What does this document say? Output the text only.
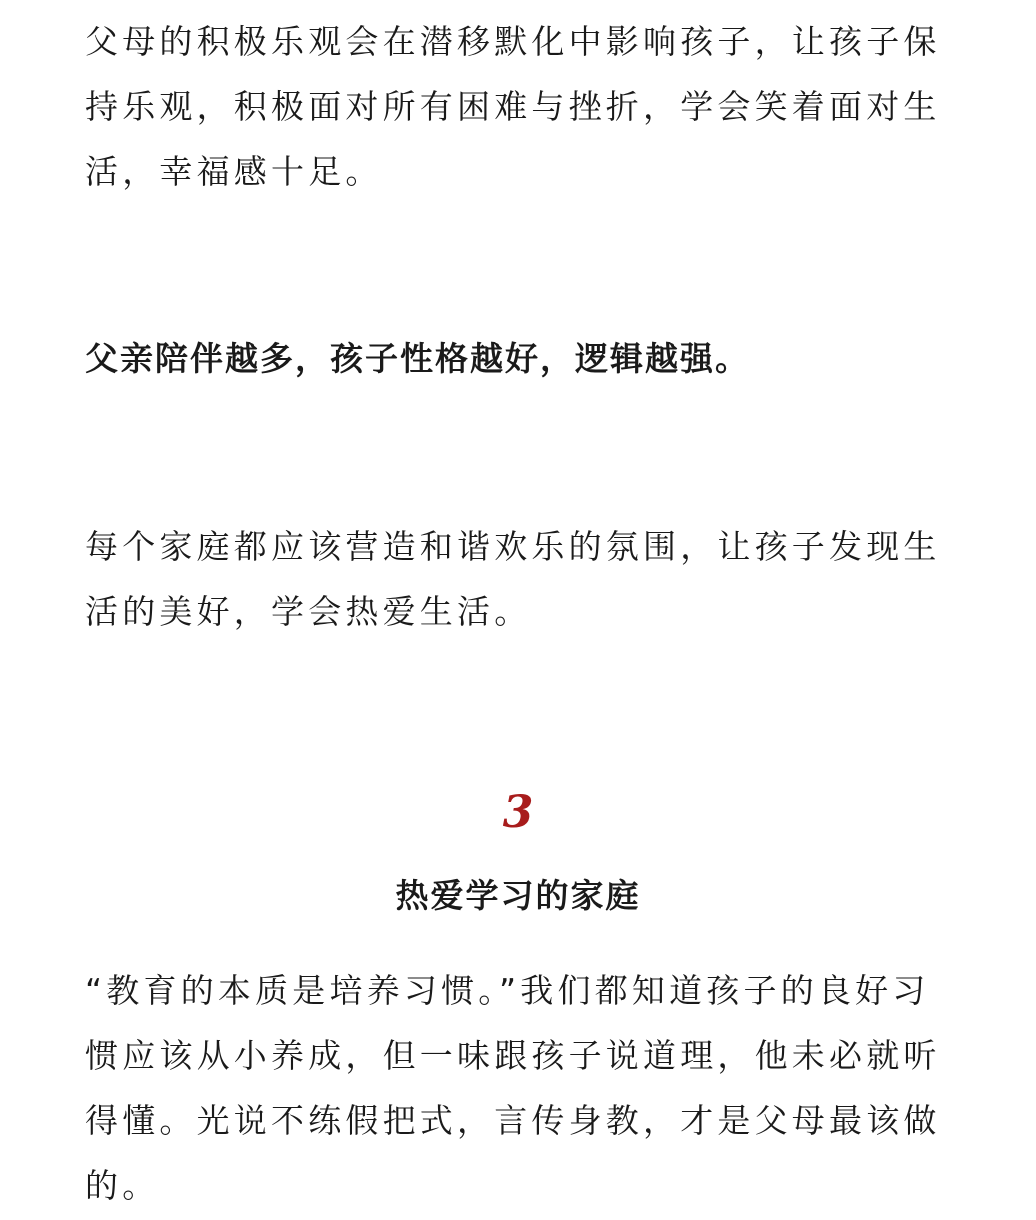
父母的积极乐观会在潜移默化中影响孩子，让孩子保持乐观，积极面对所有困难与挫折，学会笑着面对生活，幸福感十足。

父亲陪伴越多，孩子性格越好，逻辑越强。

每个家庭都应该营造和谐欢乐的氛围，让孩子发现生活的美好，学会热爱生活。

3
热爱学习的家庭

“教育的本质是培养习惯。”我们都知道孩子的良好习惯应该从小养成，但一味跟孩子说道理，他未必就听得懂。光说不练假把式，言传身教，才是父母最该做的。
